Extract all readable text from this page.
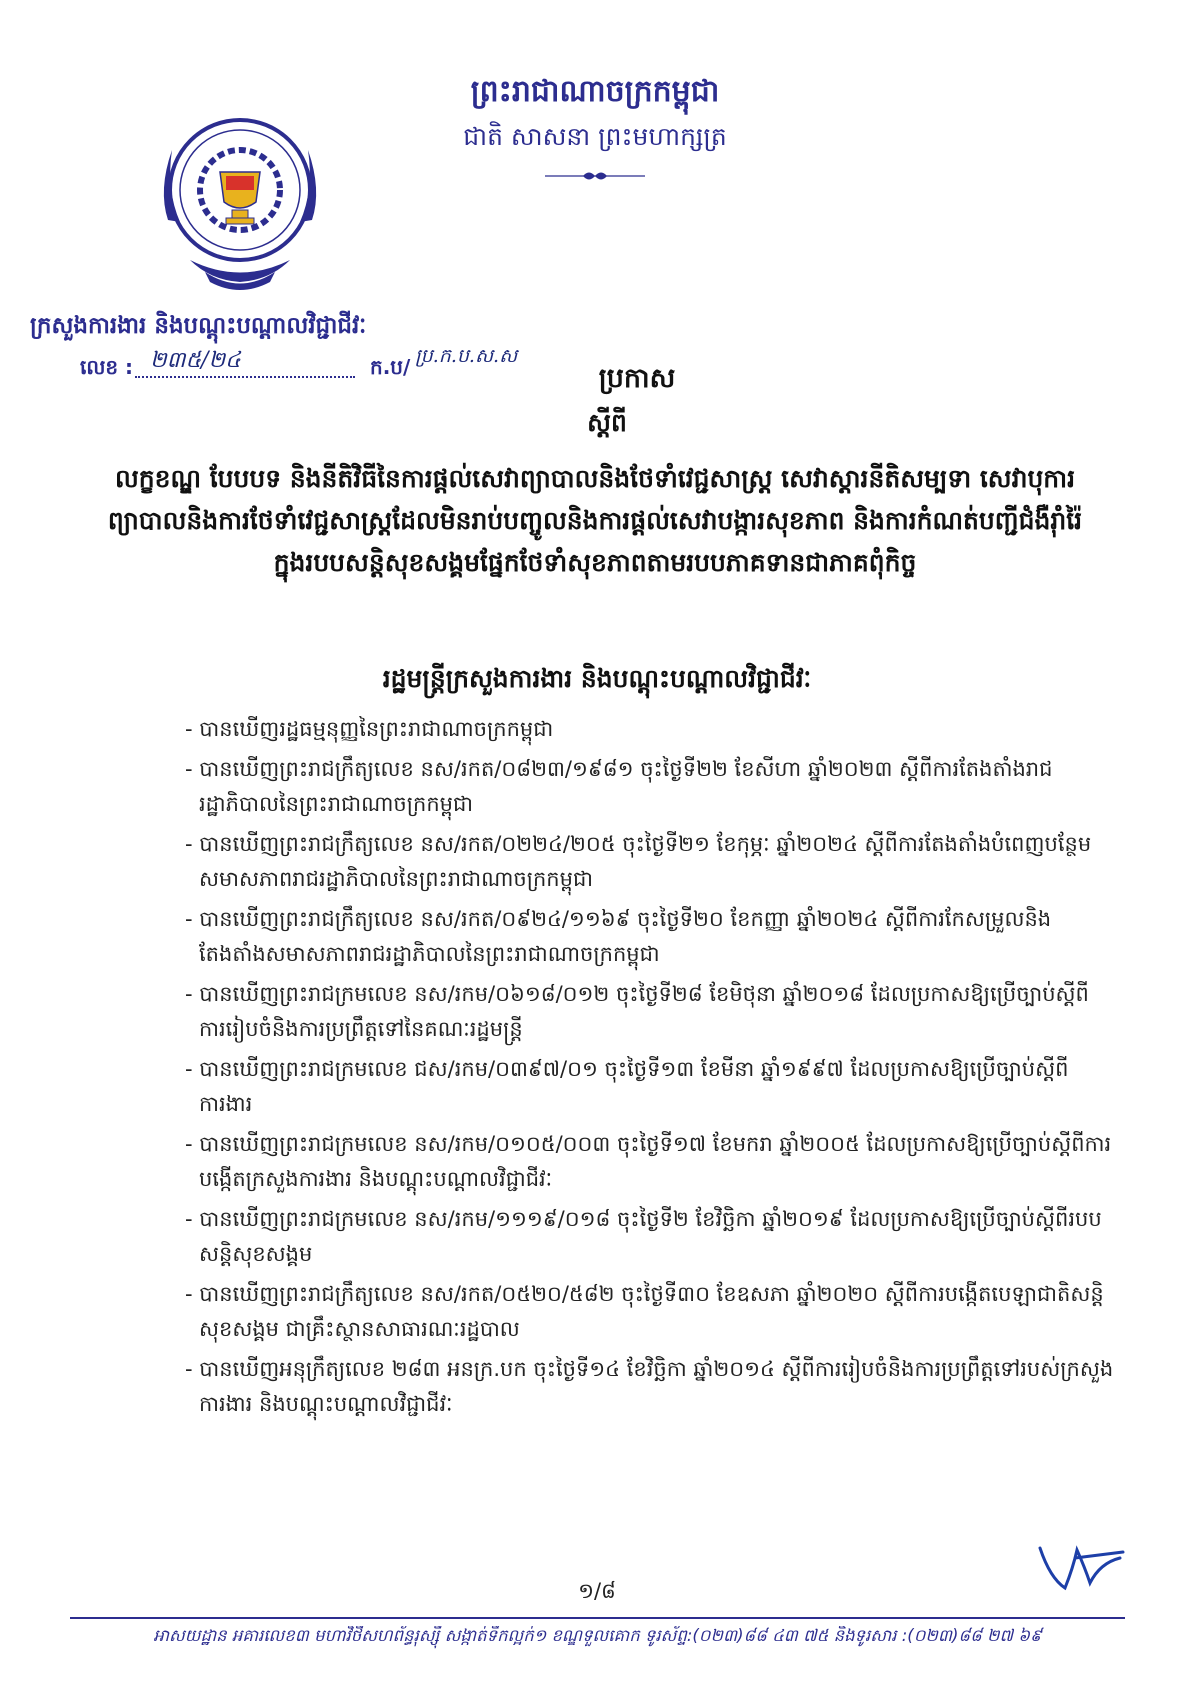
ព្រះរាជាណាចក្រកម្ពុជា
ជាតិ សាសនា ព្រះមហាក្សត្រ
ក្រសួងការងារ និងបណ្តុះបណ្តាលវិជ្ជាជីវៈ
លេខ : ២៣៥/២៤	ក.ប/ ប្រ.ក.ប.ស.ស
ប្រកាស
ស្តីពី
លក្ខខណ្ឌ បែបបទ និងនីតិវិធីនៃការផ្តល់សេវាព្យាបាលនិងថែទាំវេជ្ជសាស្ត្រ សេវាស្តារនីតិសម្បទា សេវាបុការព្យាបាលនិងការថែទាំវេជ្ជសាស្ត្រដែលមិនរាប់បញ្ចូលនិងការផ្តល់សេវាបង្ការសុខភាព និងការកំណត់បញ្ជីជំងឺរ៉ាំរ៉ៃក្នុងរបបសន្តិសុខសង្គមផ្នែកថែទាំសុខភាពតាមរបបភាគទានជាភាគពុំកិច្ច
រដ្ឋមន្ត្រីក្រសួងការងារ និងបណ្តុះបណ្តាលវិជ្ជាជីវៈ
- បានឃើញរដ្ឋធម្មនុញ្ញនៃព្រះរាជាណាចក្រកម្ពុជា
- បានឃើញព្រះរាជក្រឹត្យលេខ នស/រកត/០៨២៣/១៩៨១ ចុះថ្ងៃទី២២ ខែសីហា ឆ្នាំ២០២៣ ស្តីពីការតែងតាំងរាជរដ្ឋាភិបាលនៃព្រះរាជាណាចក្រកម្ពុជា
- បានឃើញព្រះរាជក្រឹត្យលេខ នស/រកត/០២២៤/២០៥ ចុះថ្ងៃទី២១ ខែកុម្ភៈ ឆ្នាំ២០២៤ ស្តីពីការតែងតាំងបំពេញបន្ថែមសមាសភាពរាជរដ្ឋាភិបាលនៃព្រះរាជាណាចក្រកម្ពុជា
- បានឃើញព្រះរាជក្រឹត្យលេខ នស/រកត/០៩២៤/១១៦៩ ចុះថ្ងៃទី២០ ខែកញ្ញា ឆ្នាំ២០២៤ ស្តីពីការកែសម្រួលនិងតែងតាំងសមាសភាពរាជរដ្ឋាភិបាលនៃព្រះរាជាណាចក្រកម្ពុជា
- បានឃើញព្រះរាជក្រមលេខ នស/រកម/០៦១៨/០១២ ចុះថ្ងៃទី២៨ ខែមិថុនា ឆ្នាំ២០១៨ ដែលប្រកាសឱ្យប្រើច្បាប់ស្តីពីការរៀបចំនិងការប្រព្រឹត្តទៅនៃគណៈរដ្ឋមន្ត្រី
- បានឃើញព្រះរាជក្រមលេខ ជស/រកម/០៣៩៧/០១ ចុះថ្ងៃទី១៣ ខែមីនា ឆ្នាំ១៩៩៧ ដែលប្រកាសឱ្យប្រើច្បាប់ស្តីពីការងារ
- បានឃើញព្រះរាជក្រមលេខ នស/រកម/០១០៥/០០៣ ចុះថ្ងៃទី១៧ ខែមករា ឆ្នាំ២០០៥ ដែលប្រកាសឱ្យប្រើច្បាប់ស្តីពីការបង្កើតក្រសួងការងារ និងបណ្តុះបណ្តាលវិជ្ជាជីវៈ
- បានឃើញព្រះរាជក្រមលេខ នស/រកម/១១១៩/០១៨ ចុះថ្ងៃទី២ ខែវិច្ឆិកា ឆ្នាំ២០១៩ ដែលប្រកាសឱ្យប្រើច្បាប់ស្តីពីរបបសន្តិសុខសង្គម
- បានឃើញព្រះរាជក្រឹត្យលេខ នស/រកត/០៥២០/៥៨២ ចុះថ្ងៃទី៣០ ខែឧសភា ឆ្នាំ២០២០ ស្តីពីការបង្កើតបេឡាជាតិសន្តិសុខសង្គម ជាគ្រឹះស្ថានសាធារណៈរដ្ឋបាល
- បានឃើញអនុក្រឹត្យលេខ ២៨៣ អនក្រ.បក ចុះថ្ងៃទី១៤ ខែវិច្ឆិកា ឆ្នាំ២០១៤ ស្តីពីការរៀបចំនិងការប្រព្រឹត្តទៅរបស់ក្រសួងការងារ និងបណ្តុះបណ្តាលវិជ្ជាជីវៈ
១/៨
អាសយដ្ឋាន អគារលេខ៣ មហាវិថីសហព័ន្ធរុស្ស៊ី សង្កាត់ទឹកល្អក់១ ខណ្ឌទួលគោក ទូរស័ព្ទ:(០២៣)៨៨ ៤៣ ៧៥ និងទូរសារ :(០២៣)៨៨ ២៧ ៦៩
